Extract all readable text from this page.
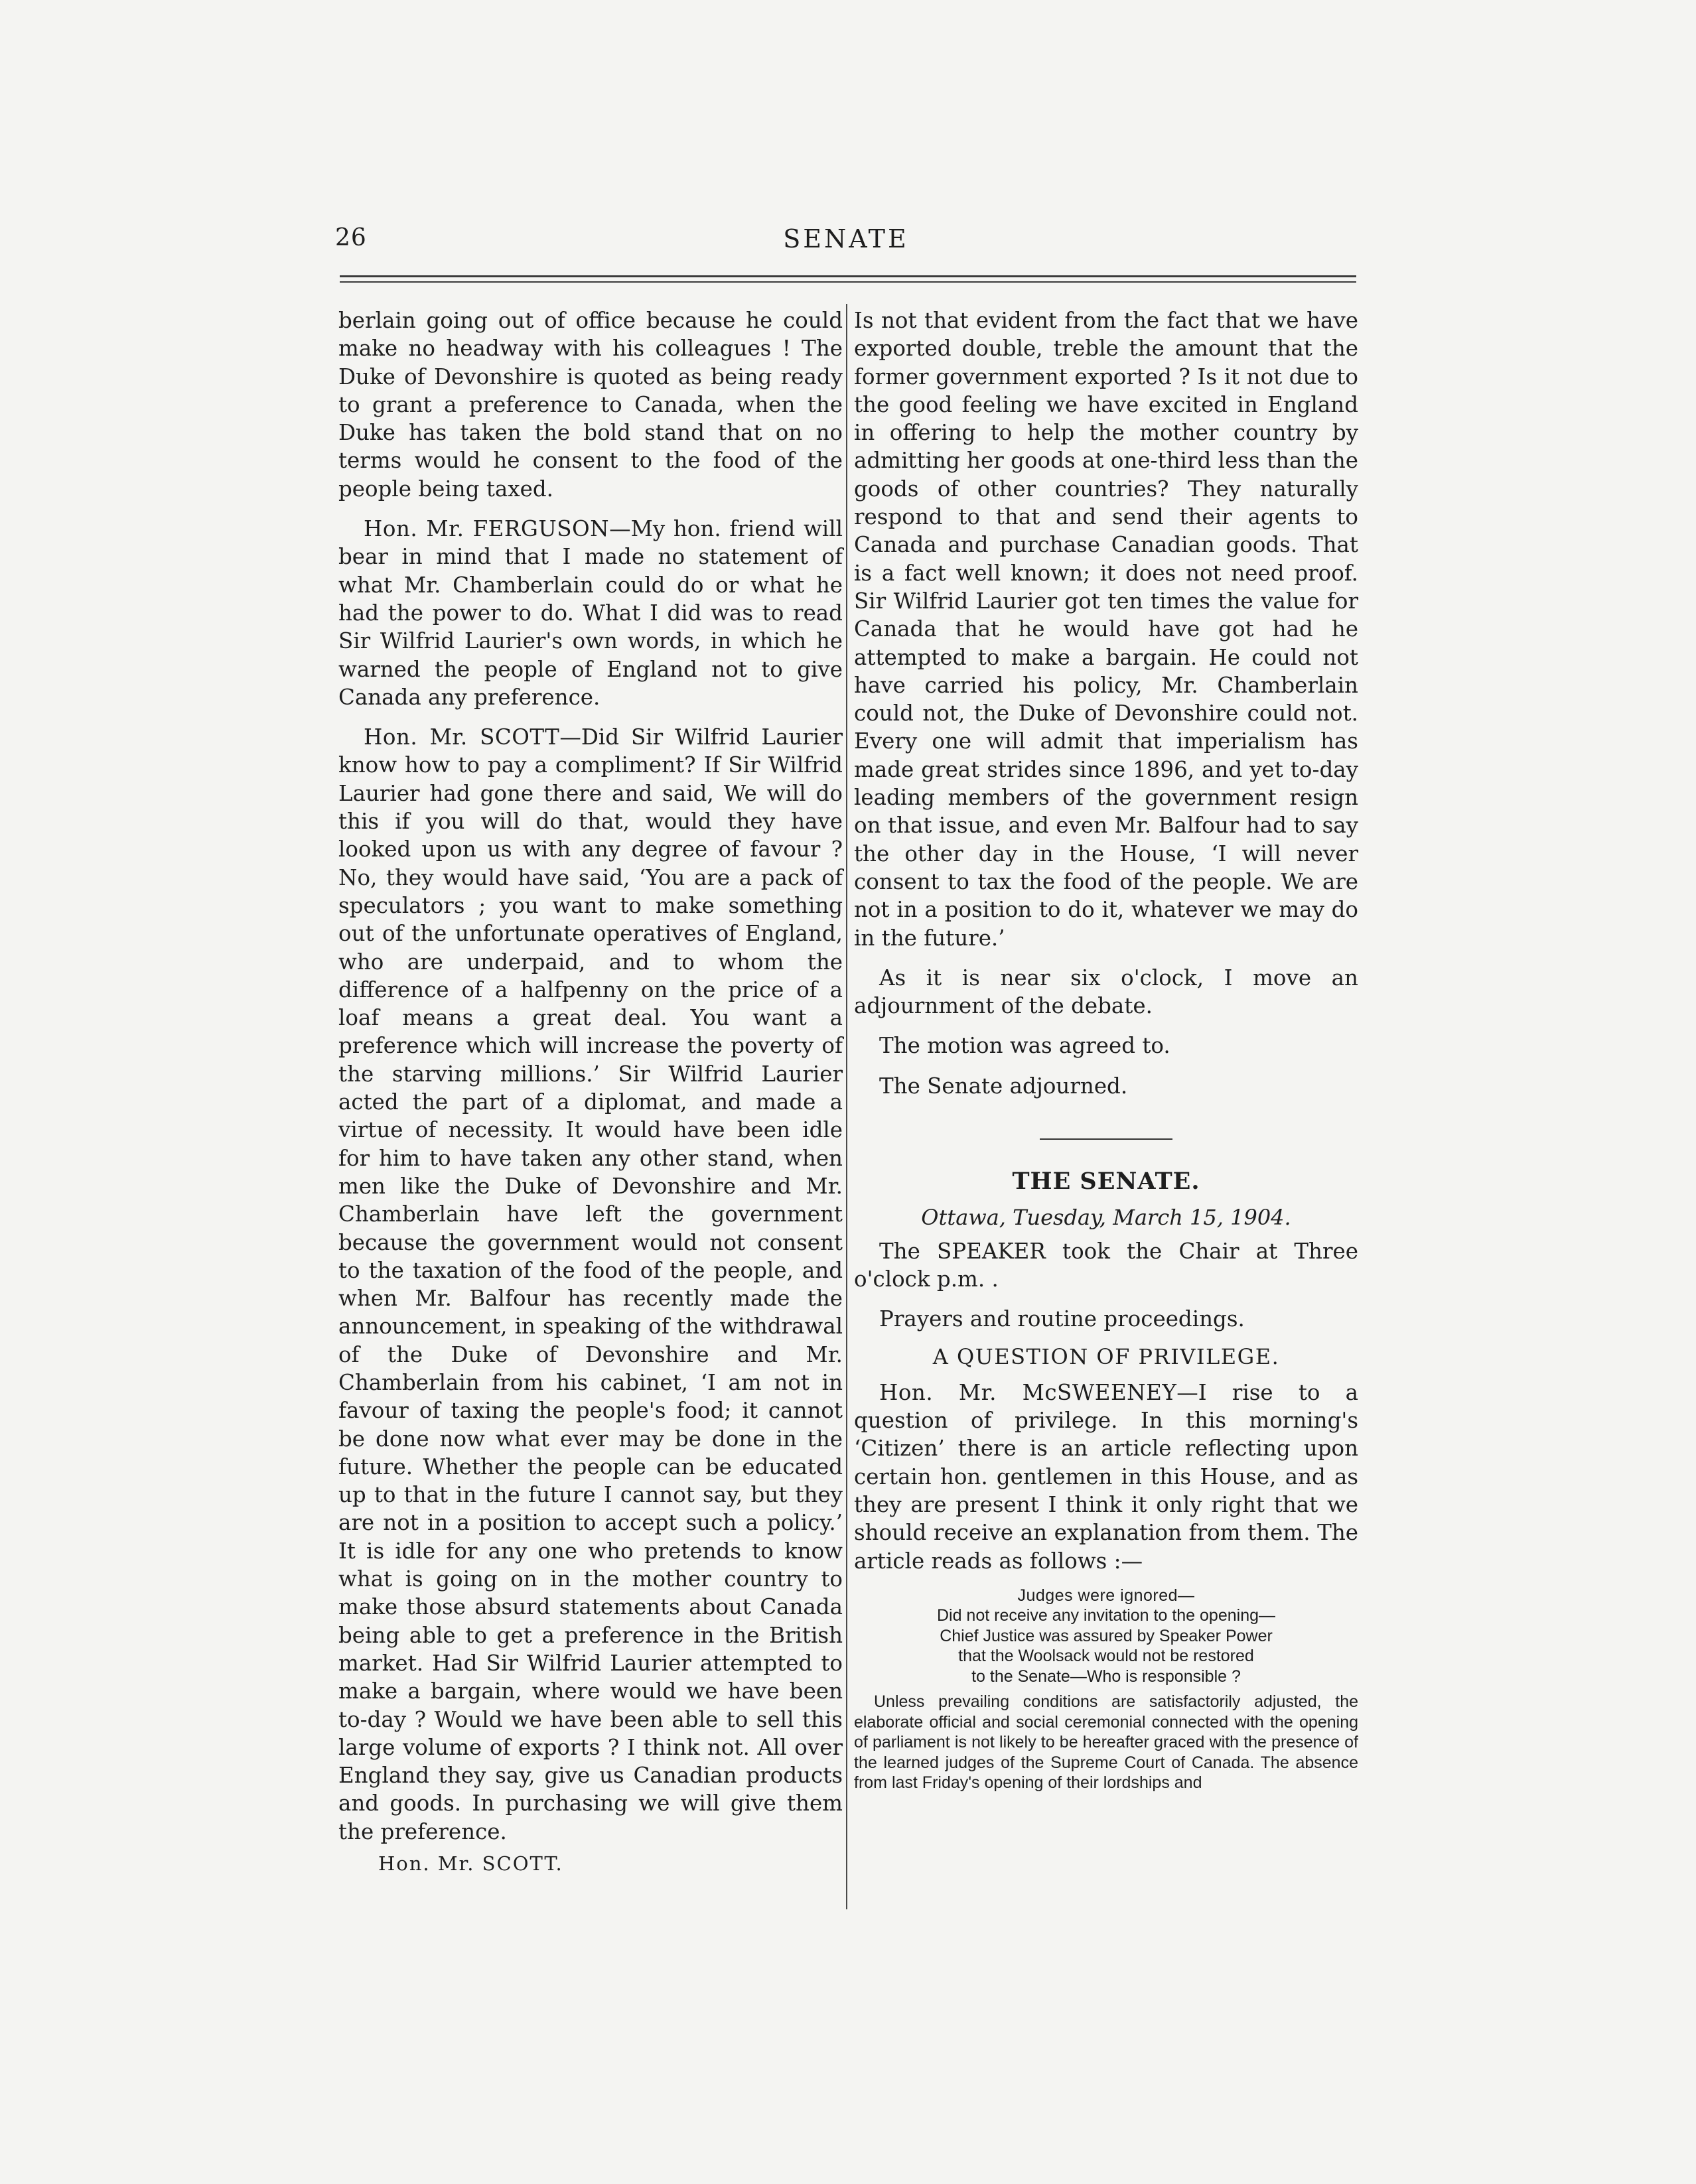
26	SENATE

berlain going out of office because he could make no headway with his colleagues ! The Duke of Devonshire is quoted as being ready to grant a preference to Canada, when the Duke has taken the bold stand that on no terms would he consent to the food of the people being taxed.

Hon. Mr. FERGUSON—My hon. friend will bear in mind that I made no statement of what Mr. Chamberlain could do or what he had the power to do. What I did was to read Sir Wilfrid Laurier's own words, in which he warned the people of England not to give Canada any preference.

Hon. Mr. SCOTT—Did Sir Wilfrid Laurier know how to pay a compliment? If Sir Wilfrid Laurier had gone there and said, We will do this if you will do that, would they have looked upon us with any degree of favour ? No, they would have said, ‘You are a pack of speculators ; you want to make something out of the unfortunate operatives of England, who are underpaid, and to whom the difference of a halfpenny on the price of a loaf means a great deal. You want a preference which will increase the poverty of the starving millions.’ Sir Wilfrid Laurier acted the part of a diplomat, and made a virtue of necessity. It would have been idle for him to have taken any other stand, when men like the Duke of Devonshire and Mr. Chamberlain have left the government because the government would not consent to the taxation of the food of the people, and when Mr. Balfour has recently made the announcement, in speaking of the withdrawal of the Duke of Devonshire and Mr. Chamberlain from his cabinet, ‘I am not in favour of taxing the people's food; it cannot be done now what ever may be done in the future. Whether the people can be educated up to that in the future I cannot say, but they are not in a position to accept such a policy.’ It is idle for any one who pretends to know what is going on in the mother country to make those absurd statements about Canada being able to get a preference in the British market. Had Sir Wilfrid Laurier attempted to make a bargain, where would we have been to-day ? Would we have been able to sell this large volume of exports ? I think not. All over England they say, give us Canadian products and goods. In purchasing we will give them the preference.

Hon. Mr. SCOTT.

Is not that evident from the fact that we have exported double, treble the amount that the former government exported ? Is it not due to the good feeling we have excited in England in offering to help the mother country by admitting her goods at one-third less than the goods of other countries? They naturally respond to that and send their agents to Canada and purchase Canadian goods. That is a fact well known; it does not need proof. Sir Wilfrid Laurier got ten times the value for Canada that he would have got had he attempted to make a bargain. He could not have carried his policy, Mr. Chamberlain could not, the Duke of Devonshire could not. Every one will admit that imperialism has made great strides since 1896, and yet to-day leading members of the government resign on that issue, and even Mr. Balfour had to say the other day in the House, ‘I will never consent to tax the food of the people. We are not in a position to do it, whatever we may do in the future.’

As it is near six o'clock, I move an adjournment of the debate.

The motion was agreed to.

The Senate adjourned.

THE SENATE.
Ottawa, Tuesday, March 15, 1904.

The SPEAKER took the Chair at Three o'clock p.m. .

Prayers and routine proceedings.

A QUESTION OF PRIVILEGE.

Hon. Mr. McSWEENEY—I rise to a question of privilege. In this morning's ‘Citizen’ there is an article reflecting upon certain hon. gentlemen in this House, and as they are present I think it only right that we should receive an explanation from them. The article reads as follows :—

Judges were ignored—
Did not receive any invitation to the opening—
Chief Justice was assured by Speaker Power
that the Woolsack would not be restored
to the Senate—Who is responsible ?

Unless prevailing conditions are satisfactorily adjusted, the elaborate official and social ceremonial connected with the opening of parliament is not likely to be hereafter graced with the presence of the learned judges of the Supreme Court of Canada. The absence from last Friday's opening of their lordships and
